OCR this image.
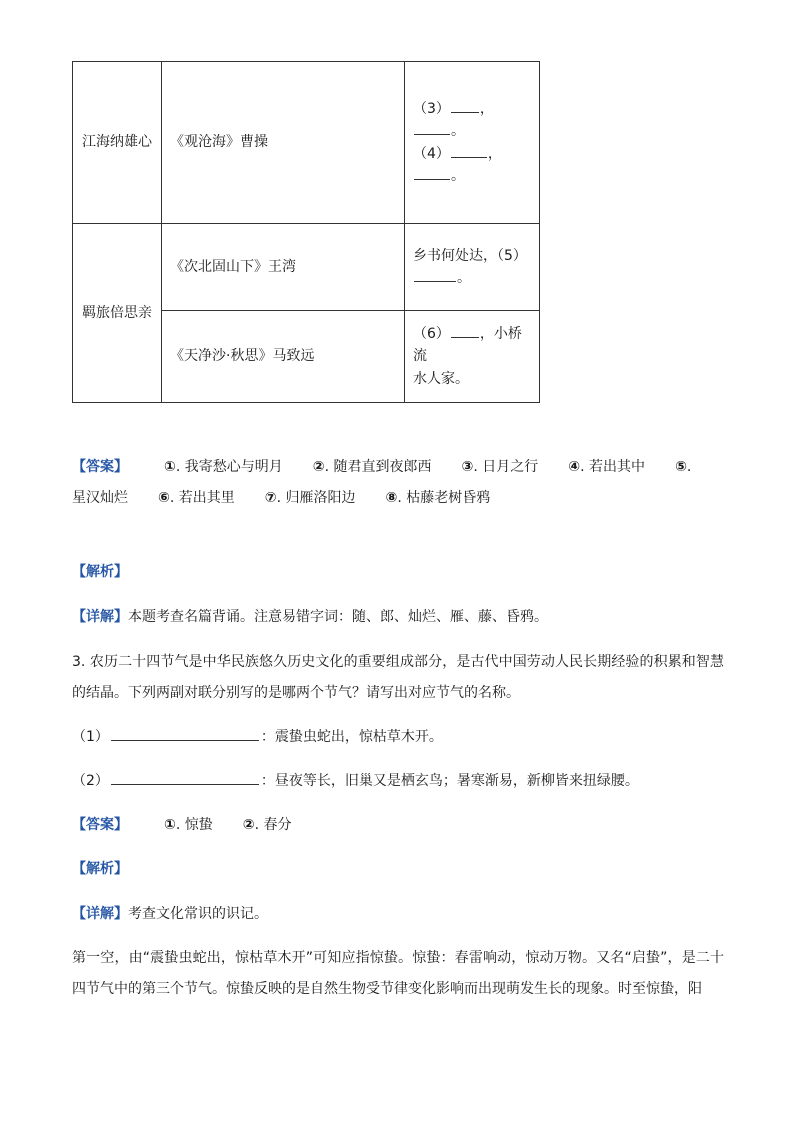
江海纳雄心	《观沧海》曹操	（3） ，
。
（4） ，
。
羁旅倍思亲	《次北固山下》王湾	乡书何处达，（5）
。
	《天净沙·秋思》马致远	（6） ，小桥流
水人家。
【答案】	①. 我寄愁心与明月 ②. 随君直到夜郎西 ③. 日月之行 ④. 若出其中 ⑤.
星汉灿烂 ⑥. 若出其里 ⑦. 归雁洛阳边 ⑧. 枯藤老树昏鸦
【解析】
【详解】本题考查名篇背诵。注意易错字词：随、郎、灿烂、雁、藤、昏鸦。
3. 农历二十四节气是中华民族悠久历史文化的重要组成部分，是古代中国劳动人民长期经验的积累和智慧的结晶。下列两副对联分别写的是哪两个节气？请写出对应节气的名称。
（1）	：震蛰虫蛇出，惊枯草木开。
（2）	：昼夜等长，旧巢又是栖玄鸟；暑寒渐易，新柳皆来扭绿腰。
【答案】	①. 惊蛰 ②. 春分
【解析】
【详解】考查文化常识的识记。
第一空，由“震蛰虫蛇出，惊枯草木开”可知应指惊蛰。惊蛰：春雷响动，惊动万物。又名“启蛰”，是二十四节气中的第三个节气。惊蛰反映的是自然生物受节律变化影响而出现萌发生长的现象。时至惊蛰，阳
